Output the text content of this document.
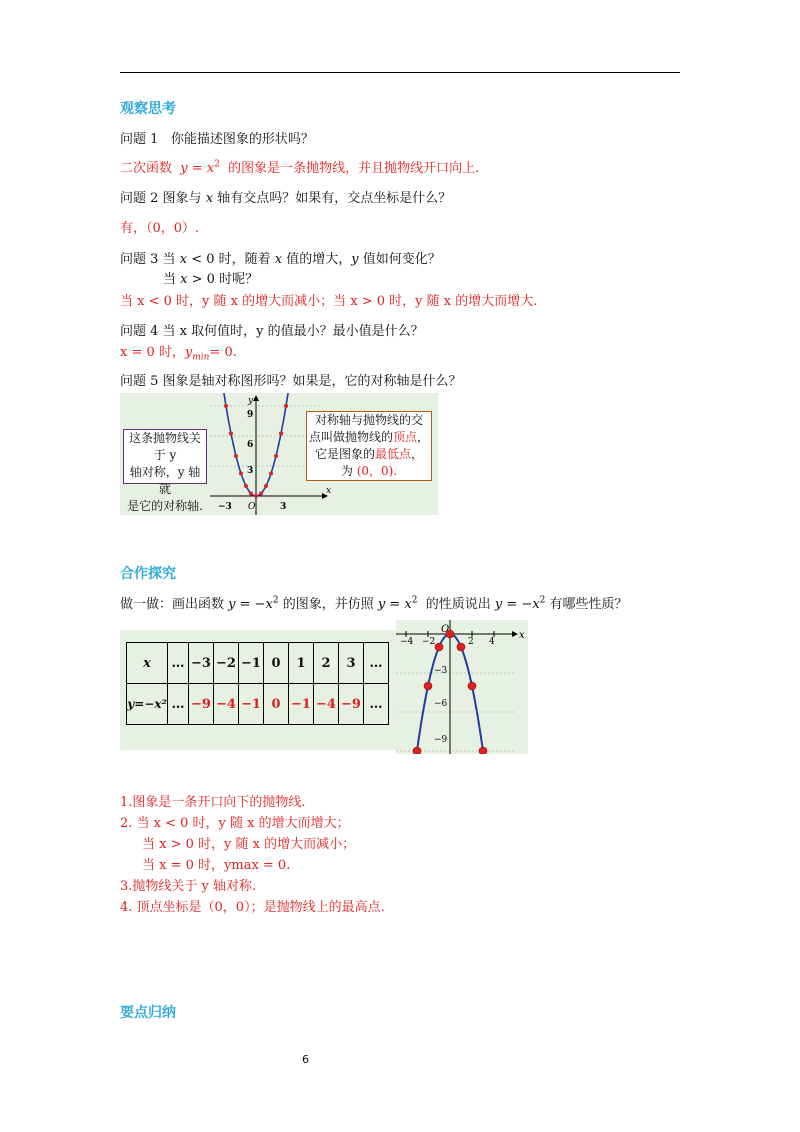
观察思考
问题 1 你能描述图象的形状吗？
二次函数 $y = x^2$ 的图象是一条抛物线，并且抛物线开口向上.
问题 2 图象与 x 轴有交点吗？如果有，交点坐标是什么？
有，（0，0）.
问题 3 当 x < 0 时，随着 x 值的增大，y 值如何变化？
当 x > 0 时呢？
当 x < 0 时，y 随 x 的增大而减小；当 x > 0 时，y 随 x 的增大而增大.
问题 4 当 x 取何值时，y 的值最小？最小值是什么？
x = 0 时，$y_{min}= 0$.
问题 5 图象是轴对称图形吗？如果是，它的对称轴是什么？
y
x
O
9
6
3
−3	3
这条抛物线关于 y
轴对称，y 轴就
是它的对称轴.
对称轴与抛物线的交
点叫做抛物线的顶点，
它是图象的最低点，
为 (0，0).
合作探究
做一做：画出函数 $y = -x^2$ 的图象，并仿照 $y = x^2$ 的性质说出 $y = -x^2$ 有哪些性质？
x	…	−3	−2	−1	0	1	2	3	…
y=−x²	…	−9	−4	−1	0	−1	−4	−9	…
x
O
−4 −2	2 4
−3
−6
−9
1.图象是一条开口向下的抛物线.
2. 当 x < 0 时，y 随 x 的增大而增大；
当 x > 0 时，y 随 x 的增大而减小；
当 x = 0 时，ymax = 0.
3.抛物线关于 y 轴对称.
4. 顶点坐标是（0，0）；是抛物线上的最高点.
要点归纳
6
